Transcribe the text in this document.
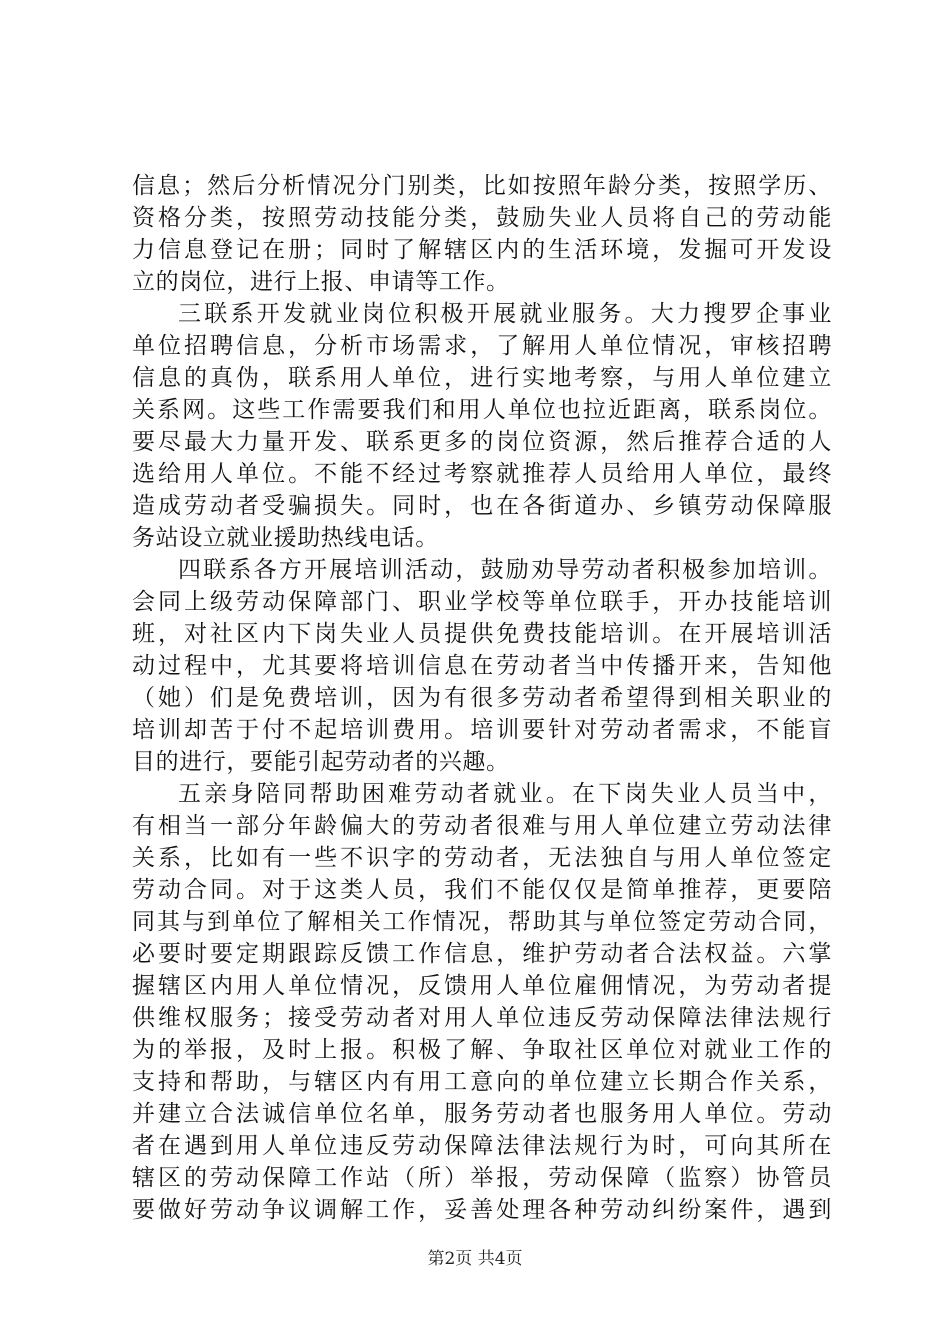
信息；然后分析情况分门别类，比如按照年龄分类，按照学历、
资格分类，按照劳动技能分类，鼓励失业人员将自己的劳动能
力信息登记在册；同时了解辖区内的生活环境，发掘可开发设
立的岗位，进行上报、申请等工作。
三联系开发就业岗位积极开展就业服务。大力搜罗企事业
单位招聘信息，分析市场需求，了解用人单位情况，审核招聘
信息的真伪，联系用人单位，进行实地考察，与用人单位建立
关系网。这些工作需要我们和用人单位也拉近距离，联系岗位。
要尽最大力量开发、联系更多的岗位资源，然后推荐合适的人
选给用人单位。不能不经过考察就推荐人员给用人单位，最终
造成劳动者受骗损失。同时，也在各街道办、乡镇劳动保障服
务站设立就业援助热线电话。
四联系各方开展培训活动，鼓励劝导劳动者积极参加培训。
会同上级劳动保障部门、职业学校等单位联手，开办技能培训
班，对社区内下岗失业人员提供免费技能培训。在开展培训活
动过程中，尤其要将培训信息在劳动者当中传播开来，告知他
（她）们是免费培训，因为有很多劳动者希望得到相关职业的
培训却苦于付不起培训费用。培训要针对劳动者需求，不能盲
目的进行，要能引起劳动者的兴趣。
五亲身陪同帮助困难劳动者就业。在下岗失业人员当中，
有相当一部分年龄偏大的劳动者很难与用人单位建立劳动法律
关系，比如有一些不识字的劳动者，无法独自与用人单位签定
劳动合同。对于这类人员，我们不能仅仅是简单推荐，更要陪
同其与到单位了解相关工作情况，帮助其与单位签定劳动合同，
必要时要定期跟踪反馈工作信息，维护劳动者合法权益。六掌
握辖区内用人单位情况，反馈用人单位雇佣情况，为劳动者提
供维权服务；接受劳动者对用人单位违反劳动保障法律法规行
为的举报，及时上报。积极了解、争取社区单位对就业工作的
支持和帮助，与辖区内有用工意向的单位建立长期合作关系，
并建立合法诚信单位名单，服务劳动者也服务用人单位。劳动
者在遇到用人单位违反劳动保障法律法规行为时，可向其所在
辖区的劳动保障工作站（所）举报，劳动保障（监察）协管员
要做好劳动争议调解工作，妥善处理各种劳动纠纷案件，遇到
第2页 共4页
